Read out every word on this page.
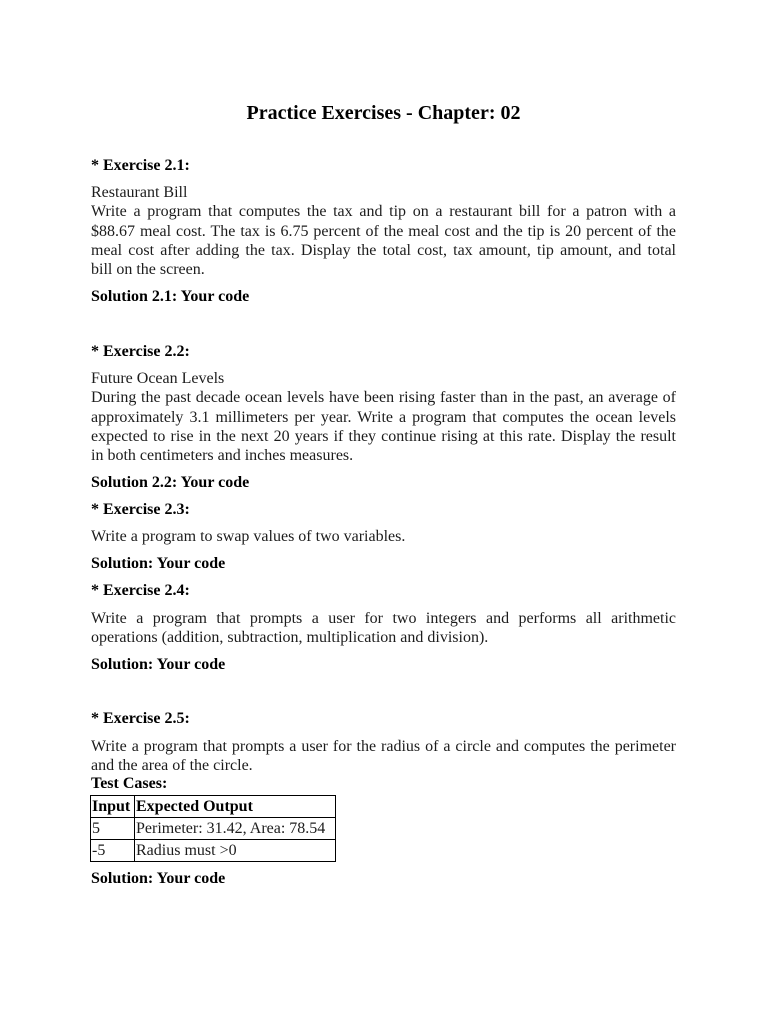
Practice Exercises - Chapter: 02
* Exercise 2.1:
Restaurant Bill
Write a program that computes the tax and tip on a restaurant bill for a patron with a
$88.67 meal cost. The tax is 6.75 percent of the meal cost and the tip is 20 percent of the
meal cost after adding the tax. Display the total cost, tax amount, tip amount, and total
bill on the screen.
Solution 2.1: Your code
* Exercise 2.2:
Future Ocean Levels
During the past decade ocean levels have been rising faster than in the past, an average of
approximately 3.1 millimeters per year. Write a program that computes the ocean levels
expected to rise in the next 20 years if they continue rising at this rate. Display the result
in both centimeters and inches measures.
Solution 2.2: Your code
* Exercise 2.3:
Write a program to swap values of two variables.
Solution: Your code
* Exercise 2.4:
Write a program that prompts a user for two integers and performs all arithmetic
operations (addition, subtraction, multiplication and division).
Solution: Your code
* Exercise 2.5:
Write a program that prompts a user for the radius of a circle and computes the perimeter
and the area of the circle.
Test Cases:
Input	Expected Output
5	Perimeter: 31.42, Area: 78.54
-5	Radius must >0
Solution: Your code
